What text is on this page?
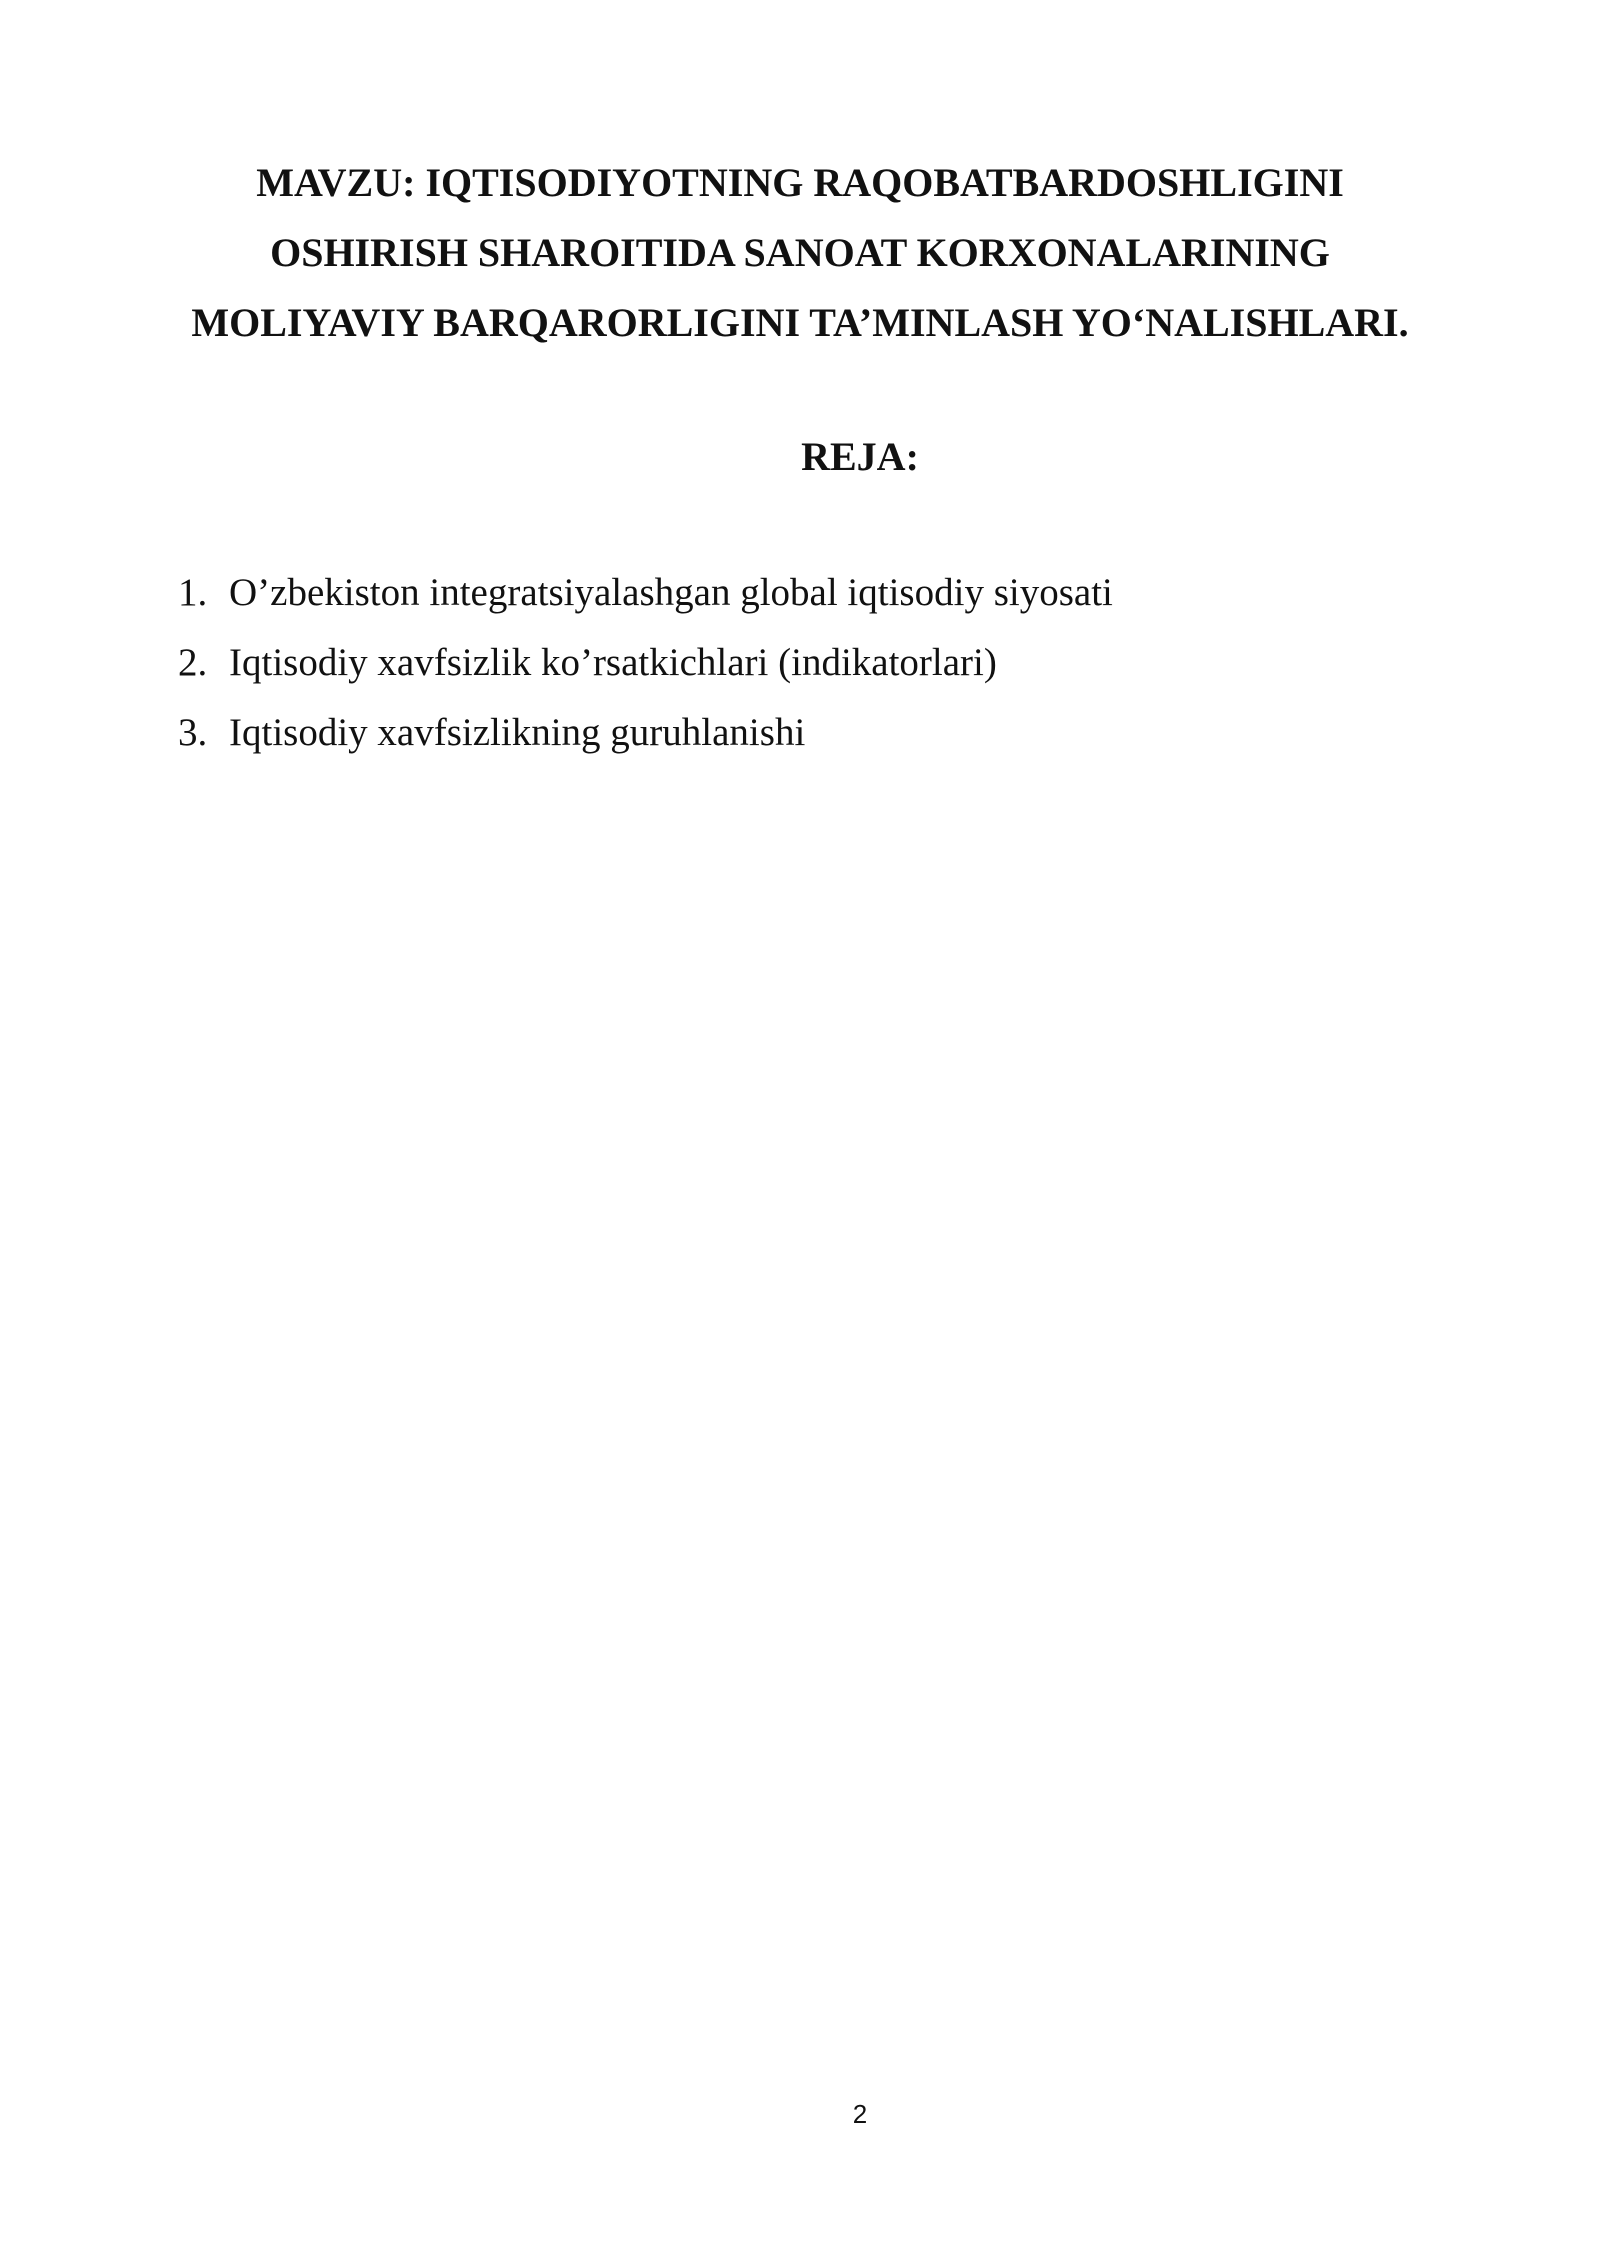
MAVZU: IQTISODIYOTNING RAQOBATBARDOSHLIGINI
OSHIRISH SHAROITIDA SANOAT KORXONALARINING
MOLIYAVIY BARQARORLIGINI TA’MINLASH YO‘NALISHLARI.
REJA:
1. O’zbekiston integratsiyalashgan global iqtisodiy siyosati
2. Iqtisodiy xavfsizlik ko’rsatkichlari (indikatorlari)
3. Iqtisodiy xavfsizlikning guruhlanishi
2
